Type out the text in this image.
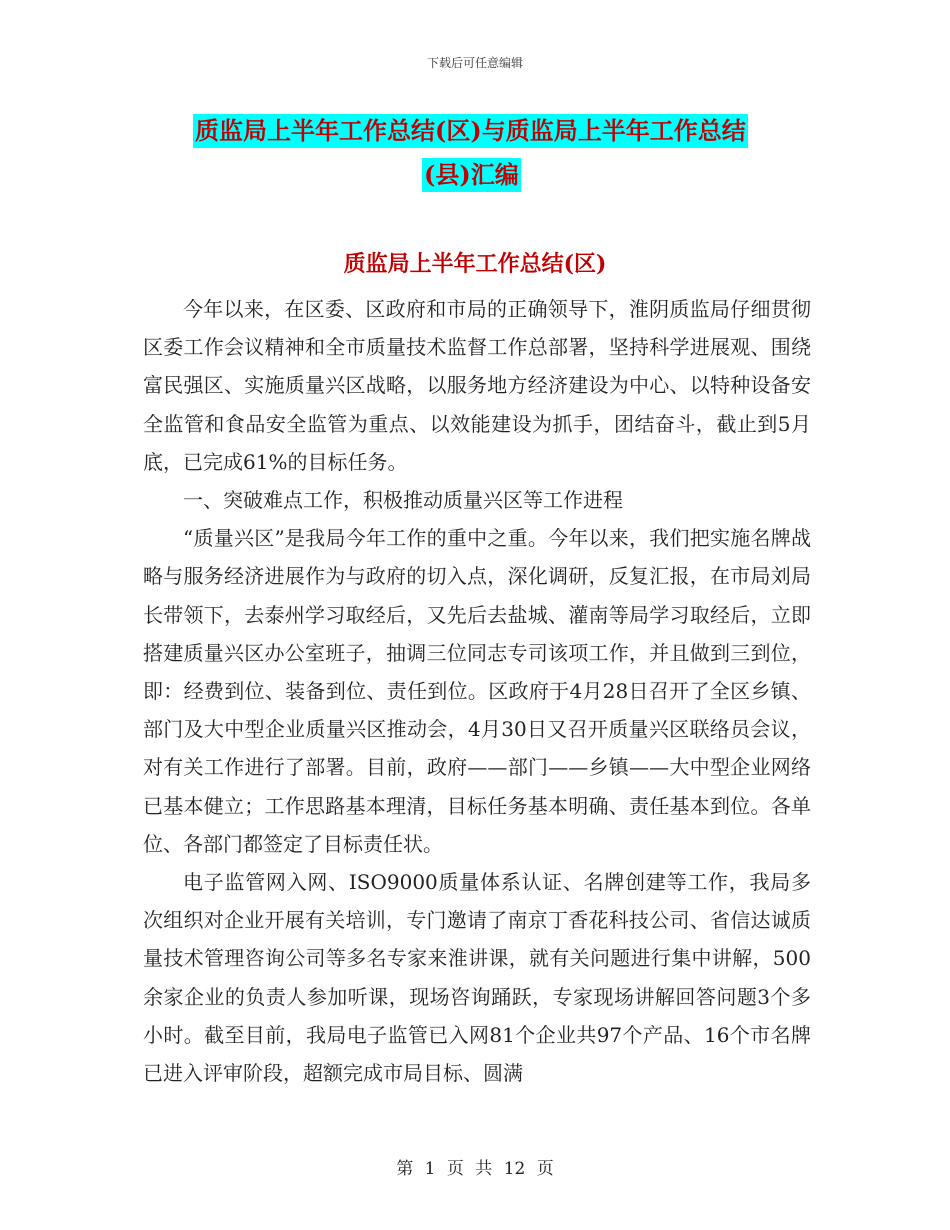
下载后可任意编辑
质监局上半年工作总结(区)与质监局上半年工作总结
(县)汇编
质监局上半年工作总结(区)

今年以来，在区委、区政府和市局的正确领导下，淮阴质监局仔细贯彻区委工作会议精神和全市质量技术监督工作总部署，坚持科学进展观、围绕富民强区、实施质量兴区战略，以服务地方经济建设为中心、以特种设备安全监管和食品安全监管为重点、以效能建设为抓手，团结奋斗，截止到5月底，已完成61%的目标任务。

一、突破难点工作，积极推动质量兴区等工作进程

“质量兴区”是我局今年工作的重中之重。今年以来，我们把实施名牌战略与服务经济进展作为与政府的切入点，深化调研，反复汇报，在市局刘局长带领下，去泰州学习取经后，又先后去盐城、灌南等局学习取经后，立即搭建质量兴区办公室班子，抽调三位同志专司该项工作，并且做到三到位，即：经费到位、装备到位、责任到位。区政府于4月28日召开了全区乡镇、部门及大中型企业质量兴区推动会，4月30日又召开质量兴区联络员会议，对有关工作进行了部署。目前，政府——部门——乡镇——大中型企业网络已基本健立；工作思路基本理清，目标任务基本明确、责任基本到位。各单位、各部门都签定了目标责任状。

电子监管网入网、ISO9000质量体系认证、名牌创建等工作，我局多次组织对企业开展有关培训，专门邀请了南京丁香花科技公司、省信达诚质量技术管理咨询公司等多名专家来淮讲课，就有关问题进行集中讲解，500余家企业的负责人参加听课，现场咨询踊跃，专家现场讲解回答问题3个多小时。截至目前，我局电子监管已入网81个企业共97个产品、16个市名牌已进入评审阶段，超额完成市局目标、圆满

第 1 页 共 12 页
